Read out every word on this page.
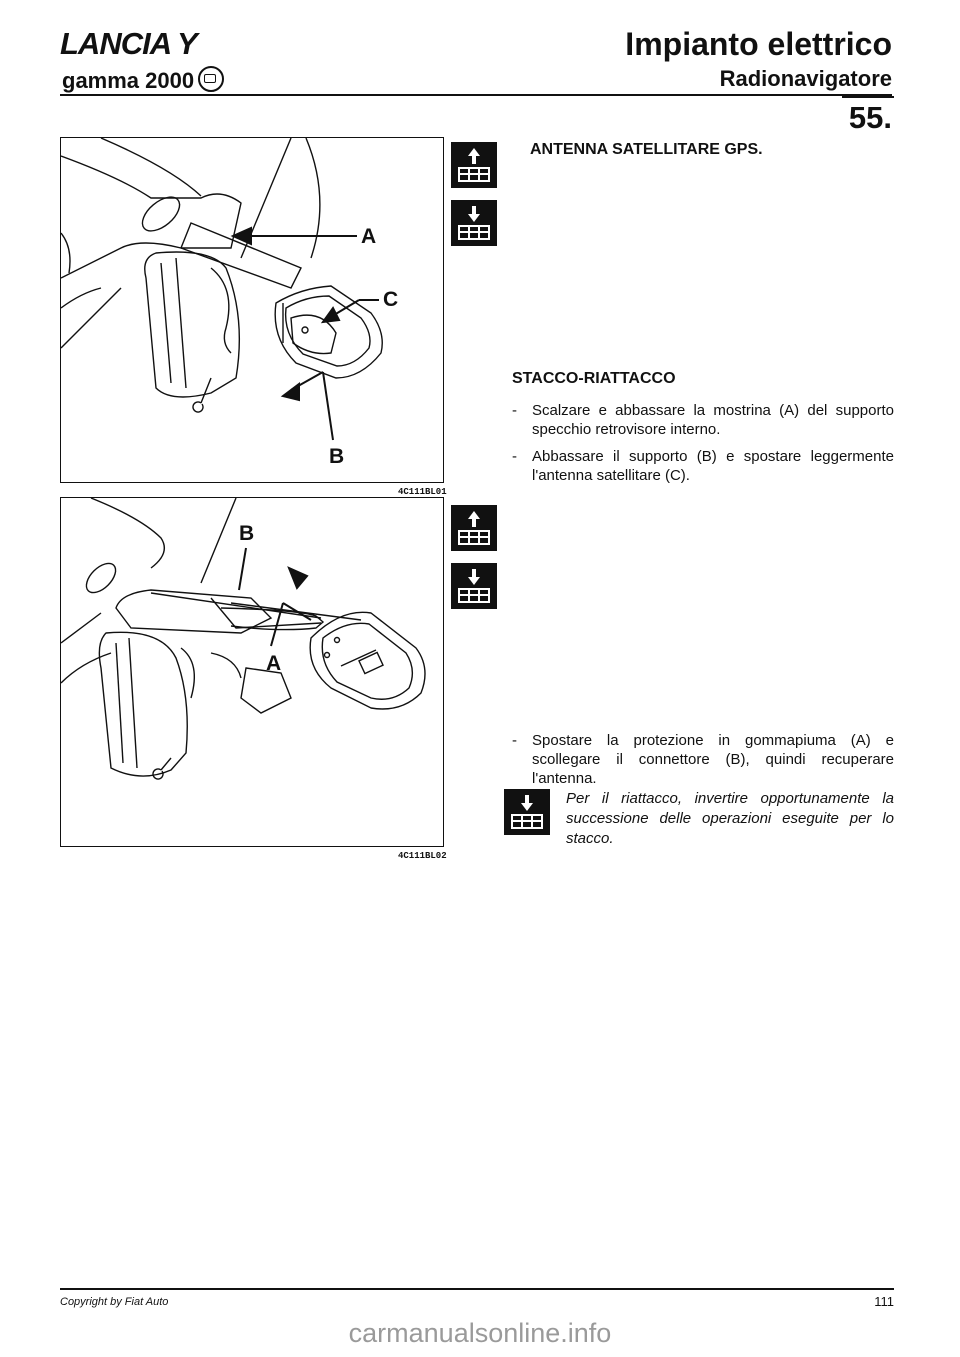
LANCIA Y
gamma 2000
Impianto elettrico
Radionavigatore
55.
A
C
B
4C111BL01
B
A
4C111BL02
ANTENNA SATELLITARE GPS.
STACCO-RIATTACCO
- Scalzare e abbassare la mostrina (A) del supporto specchio retrovisore interno.
- Abbassare il supporto (B) e spostare leggermente l'antenna satellitare (C).
- Spostare la protezione in gommapiuma (A) e scollegare il connettore (B), quindi recuperare l'antenna.
Per il riattacco, invertire opportunamente la successione delle operazioni eseguite per lo stacco.
Copyright by Fiat Auto	111
carmanualsonline.info
